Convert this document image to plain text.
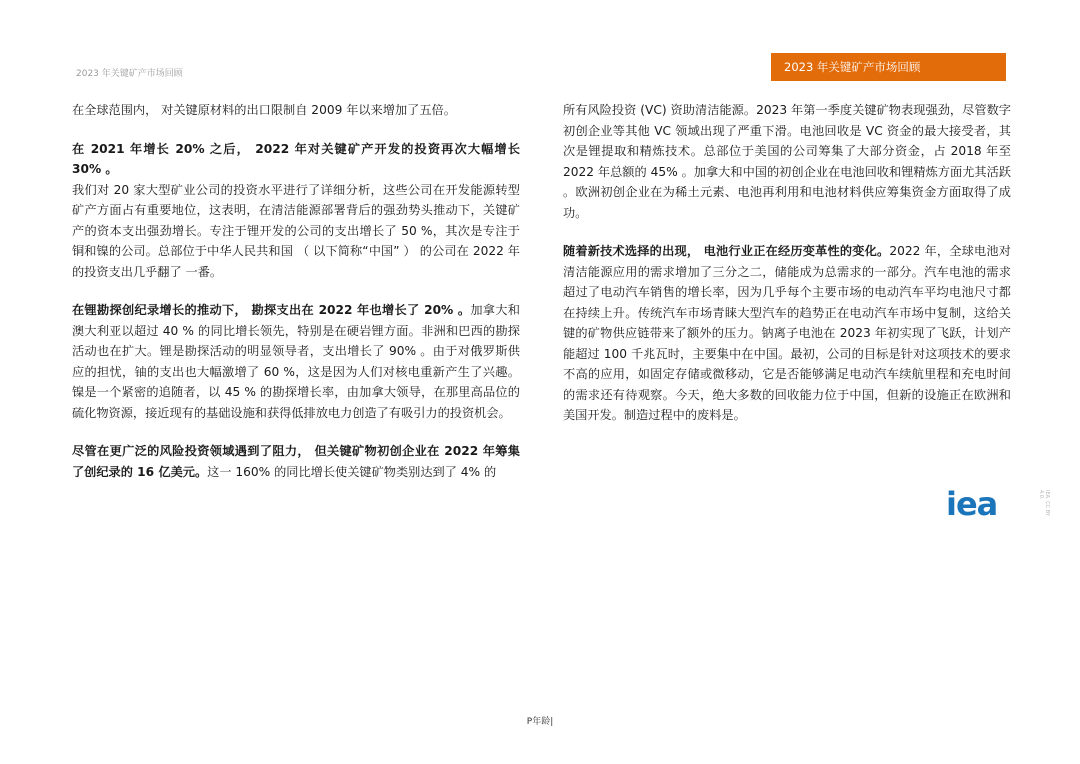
2023 年关键矿产市场回顾	2023 年关键矿产市场回顾

在全球范围内， 对关键原材料的出口限制自 2009 年以来增加了五倍。

在 2021 年增长 20% 之后， 2022 年对关键矿产开发的投资再次大幅增长 30% 。
我们对 20 家大型矿业公司的投资水平进行了详细分析，这些公司在开发能源转型矿产方面占有重要地位，这表明，在清洁能源部署背后的强劲势头推动下，关键矿产的资本支出强劲增长。专注于锂开发的公司的支出增长了 50 %，其次是专注于铜和镍的公司。总部位于中华人民共和国 （ 以下简称“中国” ） 的公司在 2022 年的投资支出几乎翻了 一番。

在锂勘探创纪录增长的推动下， 勘探支出在 2022 年也增长了 20% 。加拿大和澳大利亚以超过 40 % 的同比增长领先，特别是在硬岩锂方面。非洲和巴西的勘探活动也在扩大。锂是勘探活动的明显领导者，支出增长了 90% 。由于对俄罗斯供应的担忧，铀的支出也大幅激增了 60 %，这是因为人们对核电重新产生了兴趣。镍是一个紧密的追随者，以 45 % 的勘探增长率，由加拿大领导，在那里高品位的硫化物资源，接近现有的基础设施和获得低排放电力创造了有吸引力的投资机会。

尽管在更广泛的风险投资领域遇到了阻力， 但关键矿物初创企业在 2022 年筹集了创纪录的 16 亿美元。这一 160% 的同比增长使关键矿物类别达到了 4% 的

所有风险投资 (VC) 资助清洁能源。2023 年第一季度关键矿物表现强劲，尽管数字初创企业等其他 VC 领域出现了严重下滑。电池回收是 VC 资金的最大接受者，其次是锂提取和精炼技术。总部位于美国的公司筹集了大部分资金，占 2018 年至 2022 年总额的 45% 。加拿大和中国的初创企业在电池回收和锂精炼方面尤其活跃 。欧洲初创企业在为稀土元素、电池再利用和电池材料供应筹集资金方面取得了成功。

随着新技术选择的出现， 电池行业正在经历变革性的变化。2022 年，全球电池对清洁能源应用的需求增加了三分之二，储能成为总需求的一部分。汽车电池的需求超过了电动汽车销售的增长率，因为几乎每个主要市场的电动汽车平均电池尺寸都在持续上升。传统汽车市场青睐大型汽车的趋势正在电动汽车市场中复制，这给关键的矿物供应链带来了额外的压力。钠离子电池在 2023 年初实现了飞跃，计划产能超过 100 千兆瓦时，主要集中在中国。最初，公司的目标是针对这项技术的要求不高的应用，如固定存储或微移动，它是否能够满足电动汽车续航里程和充电时间的需求还有待观察。今天，绝大多数的回收能力位于中国，但新的设施正在欧洲和美国开发。制造过程中的废料是。

iea	IEA. CC BY 4.0.
P年龄|
